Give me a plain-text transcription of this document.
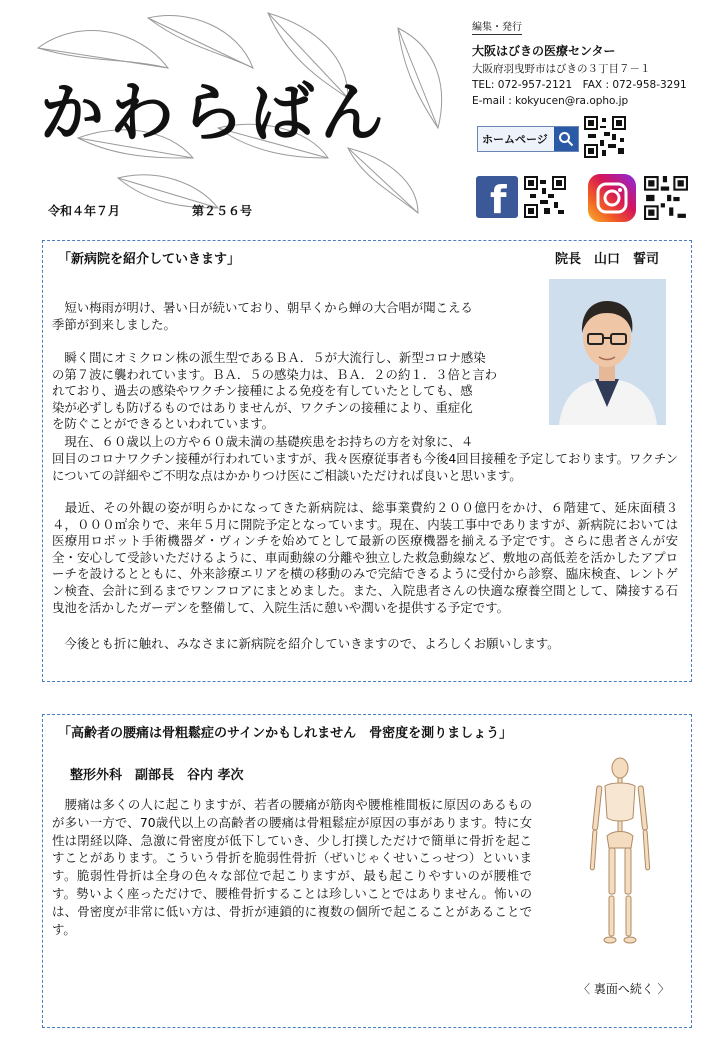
かわらばん
令和４年７月	第２５６号
編集・発行
大阪はびきの医療センター
大阪府羽曳野市はびきの３丁目７－１
TEL: 072-957-2121　FAX : 072-958-3291
E-mail : kokyucen@ra.opho.jp
ホームページ
f
「新病院を紹介していきます」	院長　山口　誓司
　短い梅雨が明け、暑い日が続いており、朝早くから蝉の大合唱が聞こえる
季節が到来しました。
　瞬く間にオミクロン株の派生型であるＢＡ．５が大流行し、新型コロナ感染
の第７波に襲われています。ＢＡ．５の感染力は、ＢＡ．２の約１．３倍と言わ
れており、過去の感染やワクチン接種による免疫を有していたとしても、感
染が必ずしも防げるものではありませんが、ワクチンの接種により、重症化
を防ぐことができるといわれています。
　現在、６０歳以上の方や６０歳未満の基礎疾患をお持ちの方を対象に、４
回目のコロナワクチン接種が行われていますが、我々医療従事者も今後4回目接種を予定しております。ワクチンについての詳細やご不明な点はかかりつけ医にご相談いただければ良いと思います。
　最近、その外観の姿が明らかになってきた新病院は、総事業費約２００億円をかけ、６階建て、延床面積３４，０００㎡余りで、来年５月に開院予定となっています。現在、内装工事中でありますが、新病院においては医療用ロボット手術機器ダ・ヴィンチを始めてとして最新の医療機器を揃える予定です。さらに患者さんが安全・安心して受診いただけるように、車両動線の分離や独立した救急動線など、敷地の高低差を活かしたアプローチを設けるとともに、外来診療エリアを横の移動のみで完結できるように受付から診察、臨床検査、レントゲン検査、会計に到るまでワンフロアにまとめました。また、入院患者さんの快適な療養空間として、隣接する石曳池を活かしたガーデンを整備して、入院生活に憩いや潤いを提供する予定です。
　今後とも折に触れ、みなさまに新病院を紹介していきますので、よろしくお願いします。
「高齢者の腰痛は骨粗鬆症のサインかもしれません　骨密度を測りましょう」
整形外科　副部長　谷内 孝次
　腰痛は多くの人に起こりますが、若者の腰痛が筋肉や腰椎椎間板に原因のあるものが多い一方で、70歳代以上の高齢者の腰痛は骨粗鬆症が原因の事があります。特に女性は閉経以降、急激に骨密度が低下していき、少し打撲しただけで簡単に骨折を起こすことがあります。こういう骨折を脆弱性骨折（ぜいじゃくせいこっせつ）といいます。脆弱性骨折は全身の色々な部位で起こりますが、最も起こりやすいのが腰椎です。勢いよく座っただけで、腰椎骨折することは珍しいことではありません。怖いのは、骨密度が非常に低い方は、骨折が連鎖的に複数の個所で起こることがあることです。
〈 裏面へ続く 〉
